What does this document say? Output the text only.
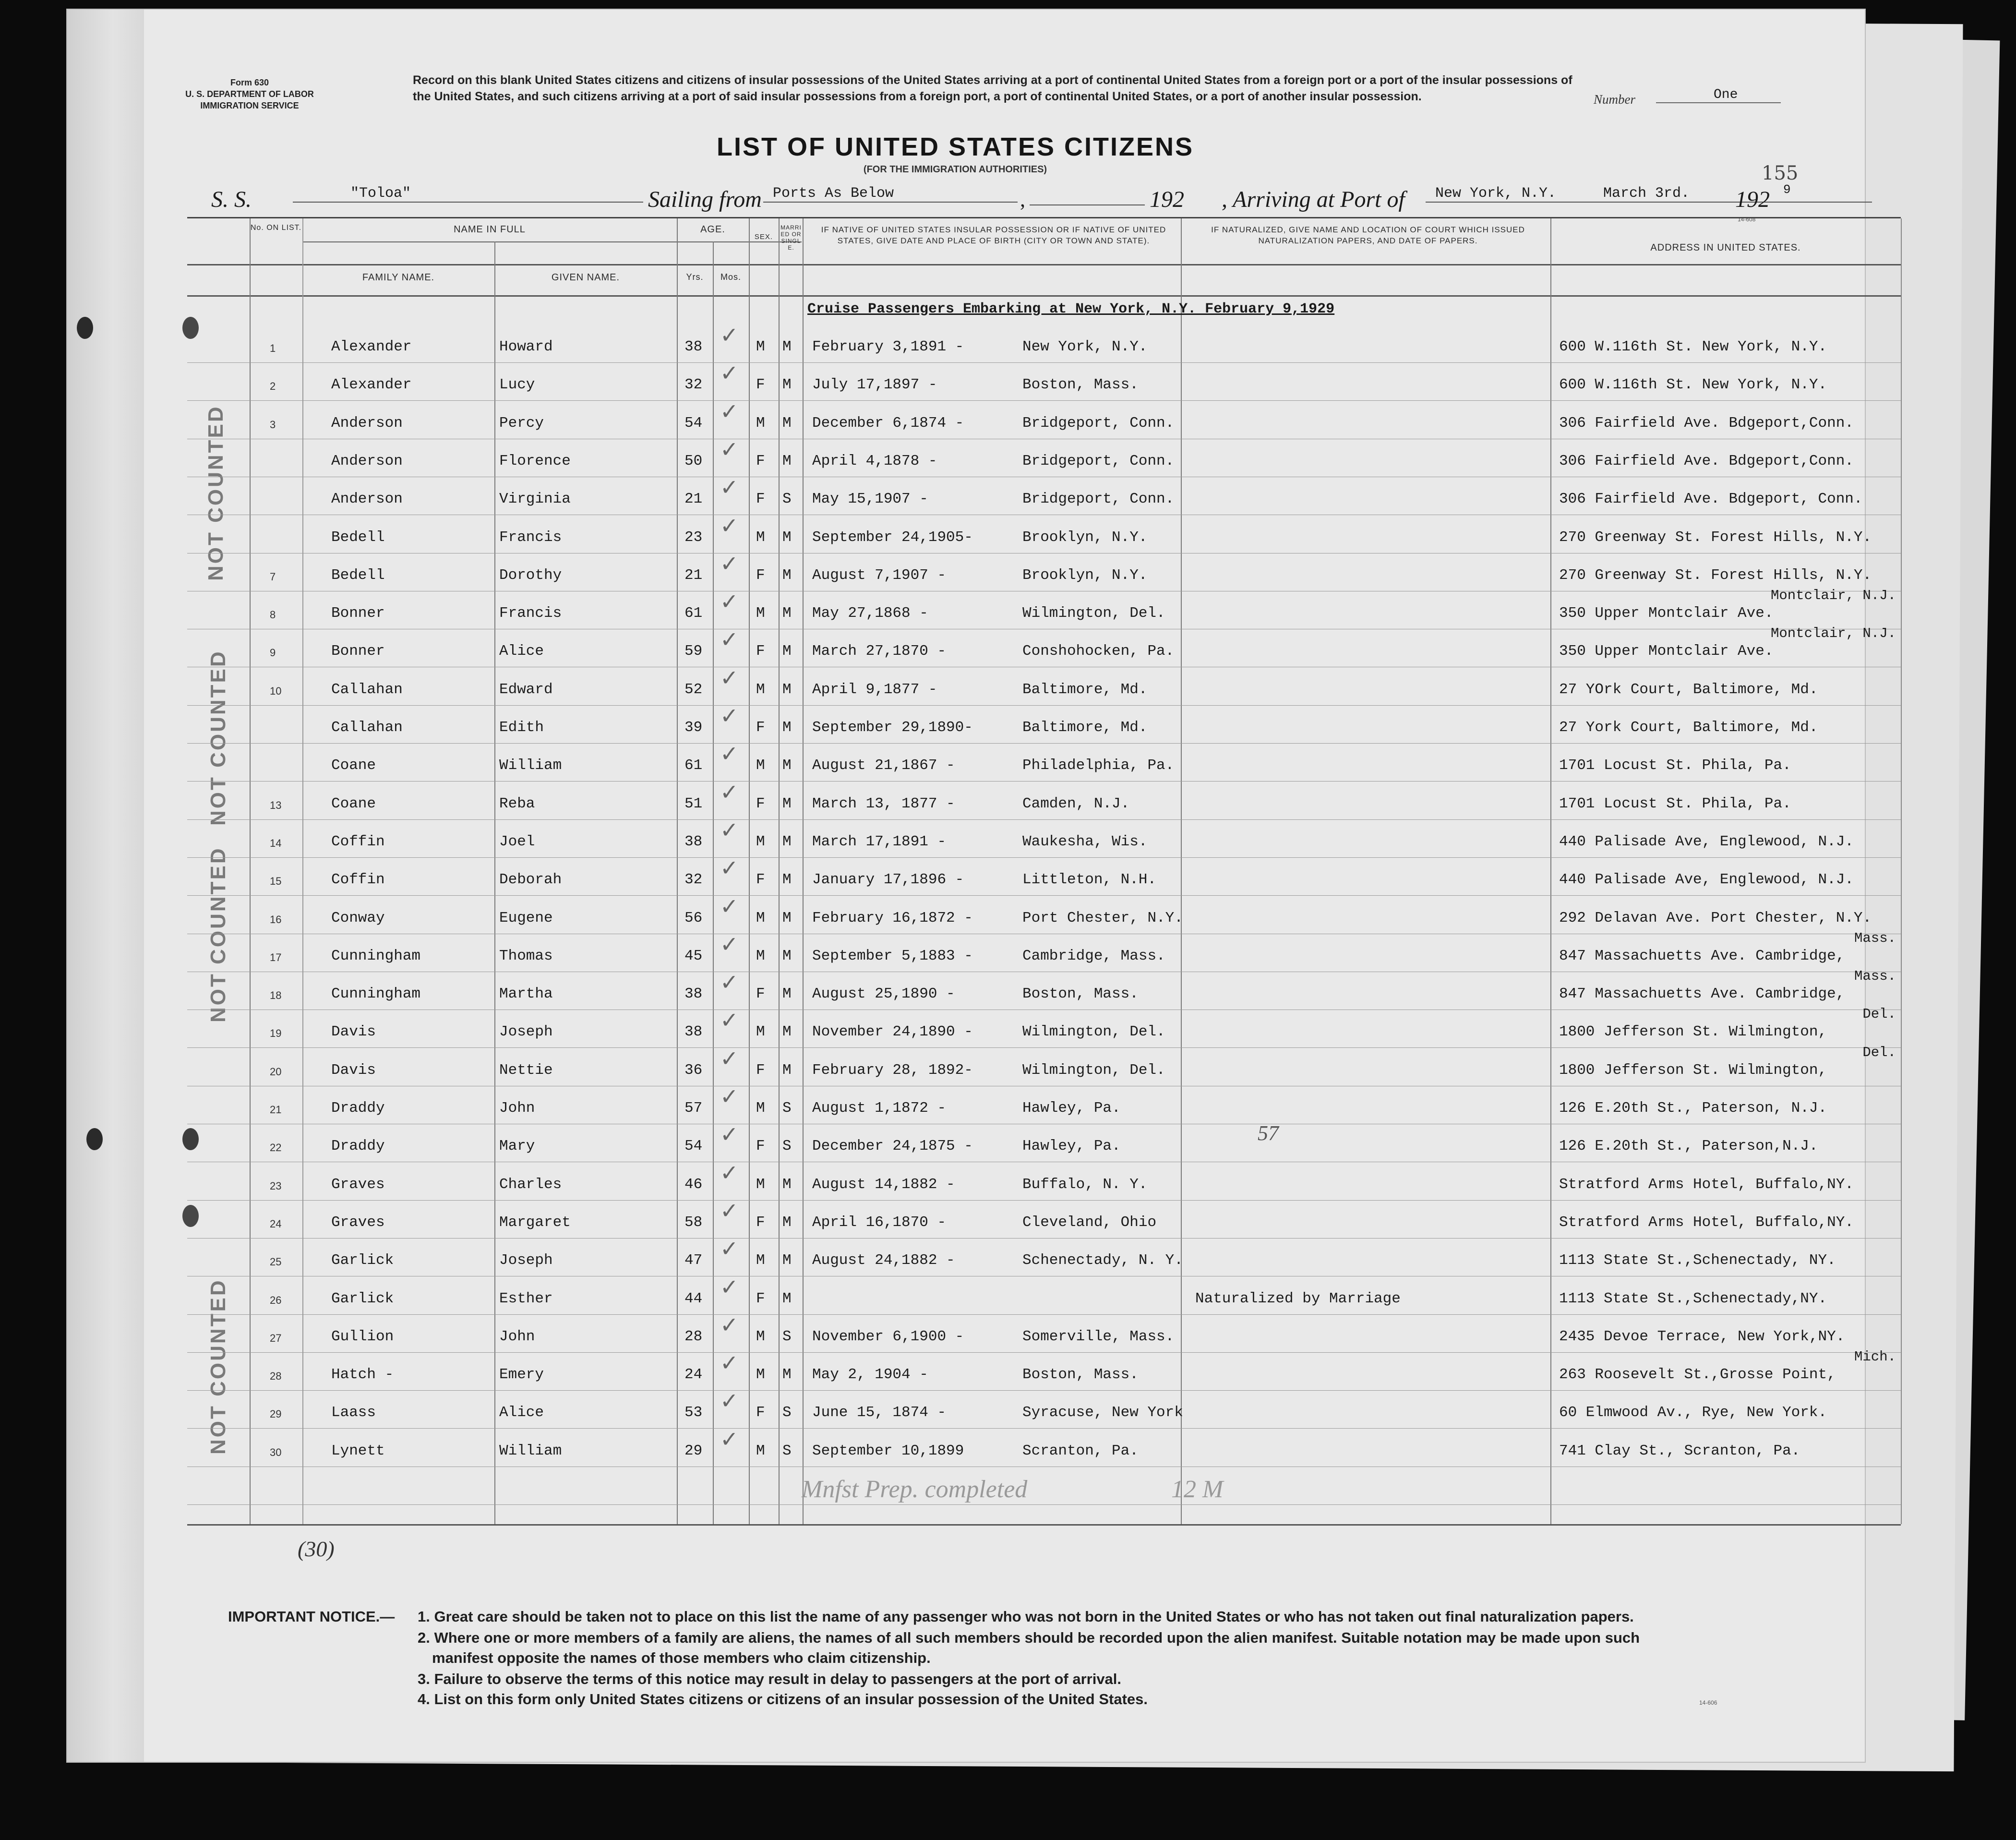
NOT COUNTED
NOT COUNTED
NOT COUNTED
NOT COUNTED
Form 630
U. S. DEPARTMENT OF LABOR
IMMIGRATION SERVICE
Record on this blank United States citizens and citizens of insular possessions of the United States arriving at a port of continental United States from a foreign port or a port of the insular possessions of the United States, and such citizens arriving at a port of said insular possessions from a foreign port, a port of continental United States, or a port of another insular possession.	Number	One
LIST OF UNITED STATES CITIZENS
(FOR THE IMMIGRATION AUTHORITIES)	155
S. S.	"Toloa"	Sailing from Ports As Below	,	192 , Arriving at Port of	New York, N.Y.	March 3rd. 192 9
14-608
No. ON LIST.	NAME IN FULL
FAMILY NAME.	GIVEN NAME.
AGE.
Yrs.	Mos.
SEX.
MARRIED OR SINGLE.
IF NATIVE OF UNITED STATES INSULAR POSSESSION OR IF NATIVE OF UNITED STATES, GIVE DATE AND PLACE OF BIRTH (CITY OR TOWN AND STATE).
IF NATURALIZED, GIVE NAME AND LOCATION OF COURT WHICH ISSUED NATURALIZATION PAPERS, AND DATE OF PAPERS.
ADDRESS IN UNITED STATES.
Cruise Passengers Embarking at New York, N.Y. February 9,1929
1	Alexander	Howard	38	M M February 3,1891 -	New York, N.Y.	600 W.116th St. New York, N.Y.
✓
2	Alexander	Lucy	32	F M July 17,1897 -	Boston, Mass.	600 W.116th St. New York, N.Y.
✓
3	Anderson	Percy	54	M M December 6,1874 -	Bridgeport, Conn.	306 Fairfield Ave. Bdgeport,Conn.
✓
Anderson	Florence	50	F M April 4,1878 -	Bridgeport, Conn.	306 Fairfield Ave. Bdgeport,Conn.
✓
Anderson	Virginia	21	F S May 15,1907 -	Bridgeport, Conn.	306 Fairfield Ave. Bdgeport, Conn.
✓
Bedell	Francis	23	M M September 24,1905-	Brooklyn, N.Y.	270 Greenway St. Forest Hills, N.Y.
✓
7	Bedell	Dorothy	21	F M August 7,1907 -	Brooklyn, N.Y.	270 Greenway St. Forest Hills, N.Y.
✓
8	Bonner	Francis	61	M M May 27,1868 -	Wilmington, Del.	350 Upper Montclair Ave.
✓	Montclair, N.J.
9	Bonner	Alice	59	F M March 27,1870 -	Conshohocken, Pa.	350 Upper Montclair Ave.
✓	Montclair, N.J.
10	Callahan	Edward	52	M M April 9,1877 -	Baltimore, Md.	27 YOrk Court, Baltimore, Md.
✓
Callahan	Edith	39	F M September 29,1890-	Baltimore, Md.	27 York Court, Baltimore, Md.
✓
Coane	William	61	M M August 21,1867 -	Philadelphia, Pa.	1701 Locust St. Phila, Pa.
✓
13	Coane	Reba	51	F M March 13, 1877 -	Camden, N.J.	1701 Locust St. Phila, Pa.
✓
14	Coffin	Joel	38	M M March 17,1891 -	Waukesha, Wis.	440 Palisade Ave, Englewood, N.J.
✓
15	Coffin	Deborah	32	F M January 17,1896 -	Littleton, N.H.	440 Palisade Ave, Englewood, N.J.
✓
16	Conway	Eugene	56	M M February 16,1872 -	Port Chester, N.Y.	292 Delavan Ave. Port Chester, N.Y.
✓
17	Cunningham	Thomas	45	M M September 5,1883 -	Cambridge, Mass.	847 Massachuetts Ave. Cambridge,
✓	Mass.
18	Cunningham	Martha	38	F M August 25,1890 -	Boston, Mass.	847 Massachuetts Ave. Cambridge,
✓	Mass.
19	Davis	Joseph	38	M M November 24,1890 -	Wilmington, Del.	1800 Jefferson St. Wilmington,
✓	Del.
20	Davis	Nettie	36	F M February 28, 1892-	Wilmington, Del.	1800 Jefferson St. Wilmington,
✓	Del.
21	Draddy	John	57	M S August 1,1872 -	Hawley, Pa.	126 E.20th St., Paterson, N.J.
✓
22	Draddy	Mary	54	F S December 24,1875 -	Hawley, Pa.	126 E.20th St., Paterson,N.J.
✓
23	Graves	Charles	46	M M August 14,1882 -	Buffalo, N. Y.	Stratford Arms Hotel, Buffalo,NY.
✓
24	Graves	Margaret	58	F M April 16,1870 -	Cleveland, Ohio	Stratford Arms Hotel, Buffalo,NY.
✓
25	Garlick	Joseph	47	M M August 24,1882 -	Schenectady, N. Y.	1113 State St.,Schenectady, NY.
✓
26	Garlick	Esther	44	F M	Naturalized by Marriage	1113 State St.,Schenectady,NY.
✓
27	Gullion	John	28	M S November 6,1900 -	Somerville, Mass.	2435 Devoe Terrace, New York,NY.
✓
28	Hatch -	Emery	24	M M May 2, 1904 -	Boston, Mass.	263 Roosevelt St.,Grosse Point,
✓	Mich.
29	Laass	Alice	53	F S June 15, 1874 -	Syracuse, New York	60 Elmwood Av., Rye, New York.
✓
30	Lynett	William	29	M S September 10,1899	Scranton, Pa.	741 Clay St., Scranton, Pa.
✓
57
Mnfst Prep. completed	12 M
(30)
IMPORTANT NOTICE.— 1. Great care should be taken not to place on this list the name of any passenger who was not born in the United States or who has not taken out final naturalization papers.
2. Where one or more members of a family are aliens, the names of all such members should be recorded upon the alien manifest. Suitable notation may be made upon such
manifest opposite the names of those members who claim citizenship.
3. Failure to observe the terms of this notice may result in delay to passengers at the port of arrival.
4. List on this form only United States citizens or citizens of an insular possession of the United States.	14-606
